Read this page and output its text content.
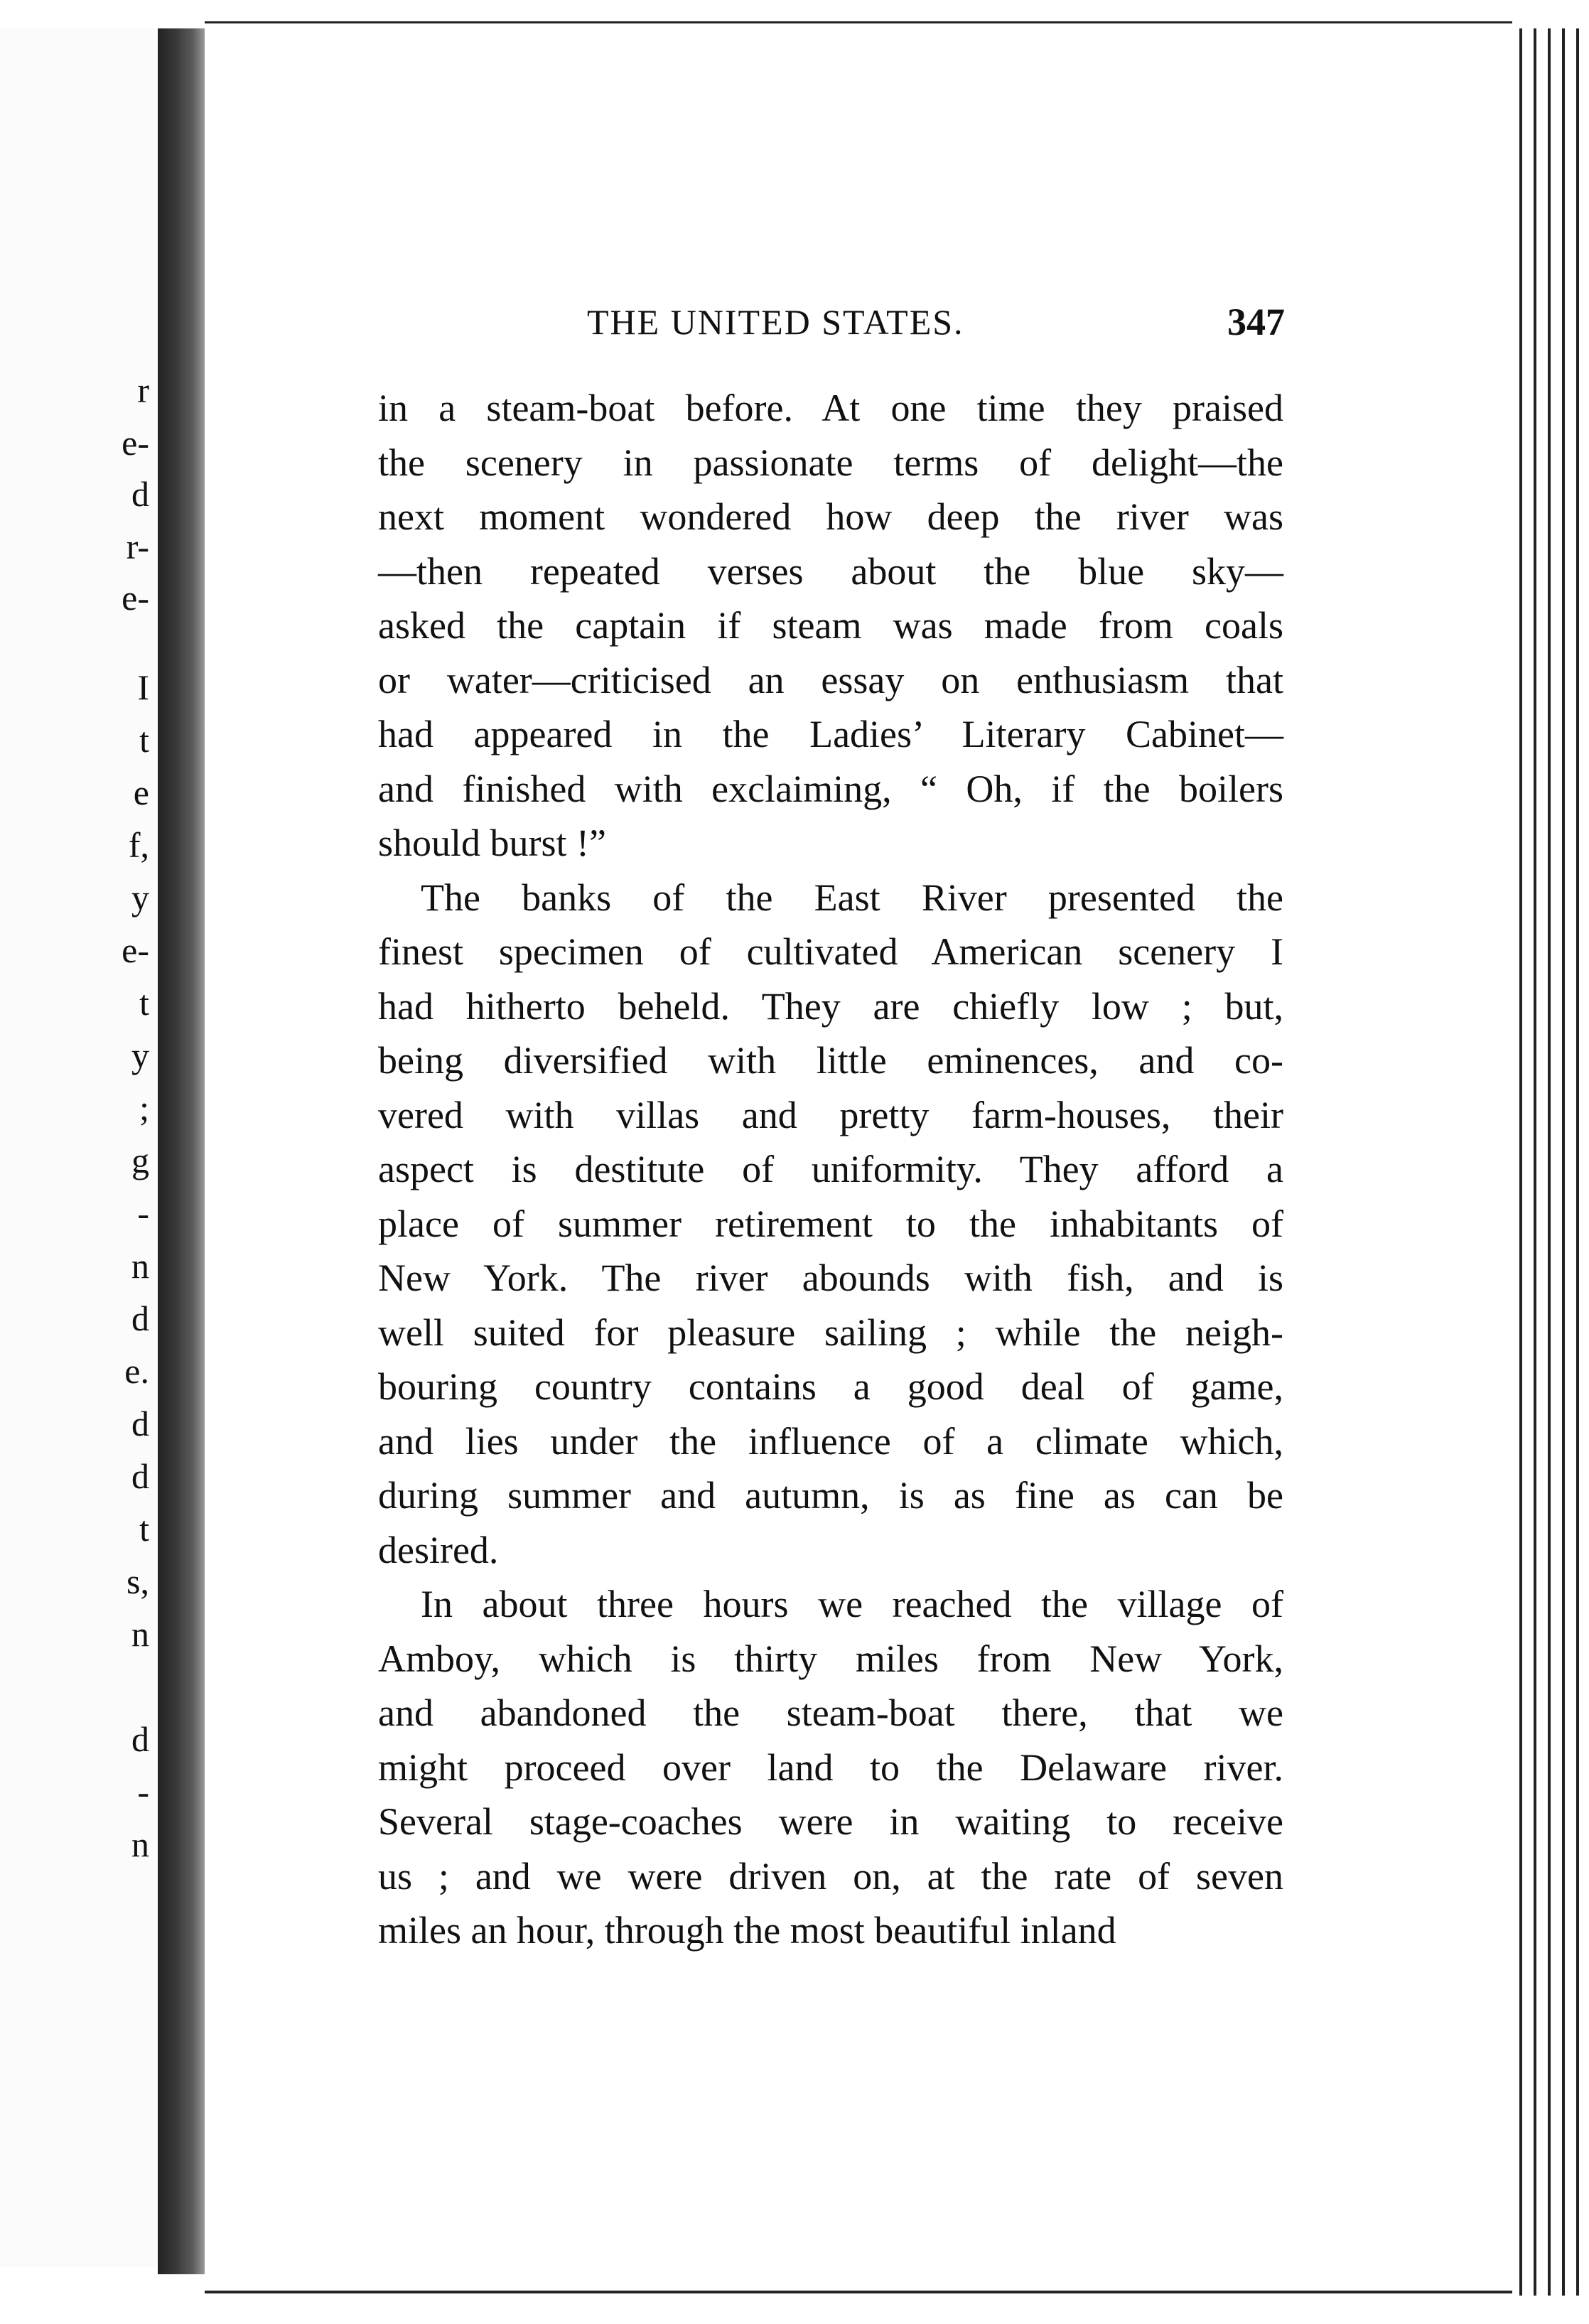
r
e-
d
r-
e-
I
t
e
f,
y
e-
t
y
;
g
-
n
d
e.
d
d
t
s,
n
d
-
n
THE UNITED STATES.	347
in a steam-boat before. At one time they praised
the scenery in passionate terms of delight—the
next moment wondered how deep the river was
—then repeated verses about the blue sky—
asked the captain if steam was made from coals
or water—criticised an essay on enthusiasm that
had appeared in the Ladies’ Literary Cabinet—
and finished with exclaiming, “ Oh, if the boilers
should burst !”
The banks of the East River presented the
finest specimen of cultivated American scenery I
had hitherto beheld. They are chiefly low ; but,
being diversified with little eminences, and co-
vered with villas and pretty farm-houses, their
aspect is destitute of uniformity. They afford a
place of summer retirement to the inhabitants of
New York. The river abounds with fish, and is
well suited for pleasure sailing ; while the neigh-
bouring country contains a good deal of game,
and lies under the influence of a climate which,
during summer and autumn, is as fine as can be
desired.
In about three hours we reached the village of
Amboy, which is thirty miles from New York,
and abandoned the steam-boat there, that we
might proceed over land to the Delaware river.
Several stage-coaches were in waiting to receive
us ; and we were driven on, at the rate of seven
miles an hour, through the most beautiful inland
